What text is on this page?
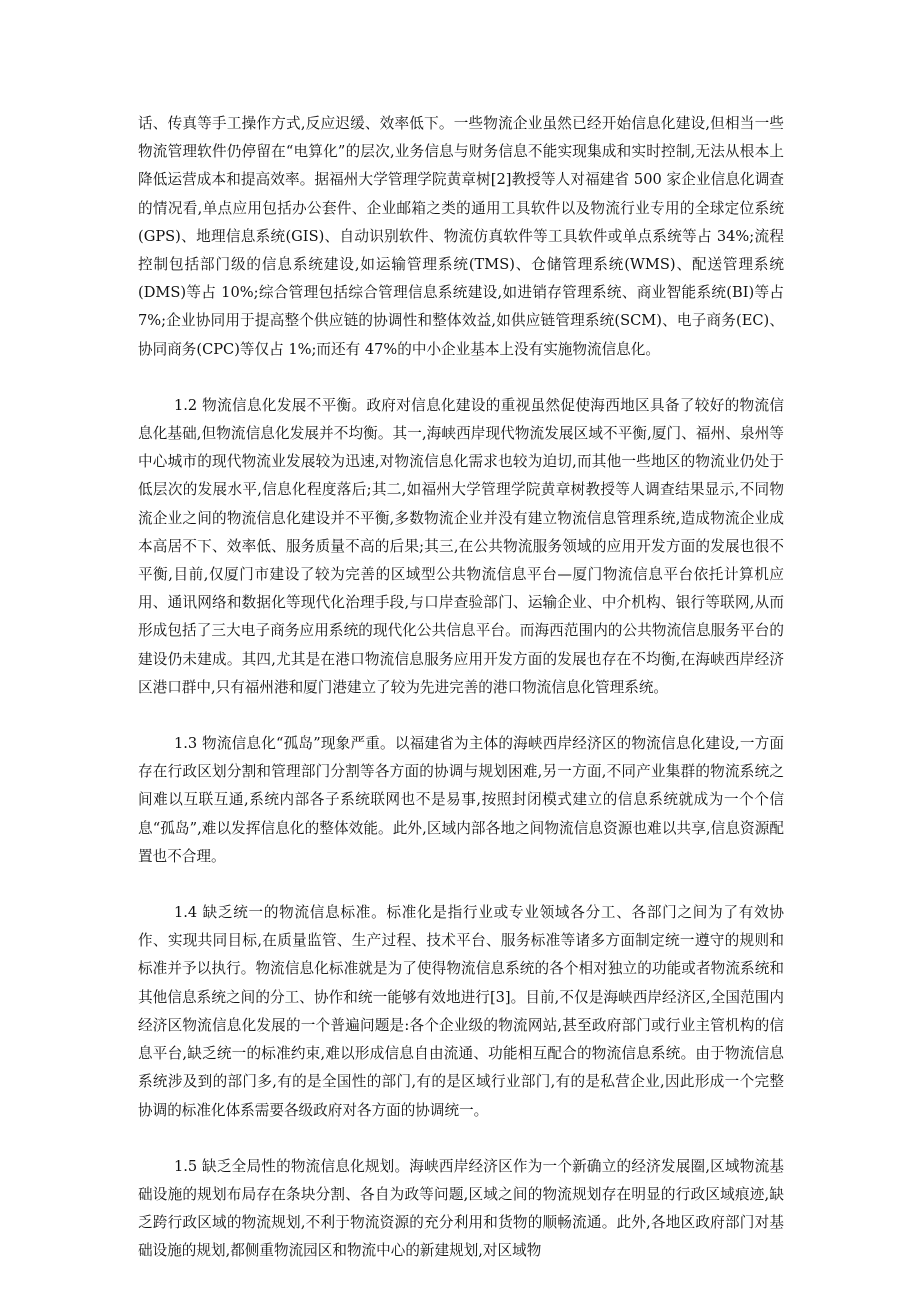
话、传真等手工操作方式,反应迟缓、效率低下。一些物流企业虽然已经开始信息化建设,但相当一些物流管理软件仍停留在“电算化”的层次,业务信息与财务信息不能实现集成和实时控制,无法从根本上降低运营成本和提高效率。据福州大学管理学院黄章树[2]教授等人对福建省 500 家企业信息化调查的情况看,单点应用包括办公套件、企业邮箱之类的通用工具软件以及物流行业专用的全球定位系统(GPS)、地理信息系统(GIS)、自动识别软件、物流仿真软件等工具软件或单点系统等占 34%;流程控制包括部门级的信息系统建设,如运输管理系统(TMS)、仓储管理系统(WMS)、配送管理系统(DMS)等占 10%;综合管理包括综合管理信息系统建设,如进销存管理系统、商业智能系统(BI)等占 7%;企业协同用于提高整个供应链的协调性和整体效益,如供应链管理系统(SCM)、电子商务(EC)、协同商务(CPC)等仅占 1%;而还有 47%的中小企业基本上没有实施物流信息化。

1.2 物流信息化发展不平衡。政府对信息化建设的重视虽然促使海西地区具备了较好的物流信息化基础,但物流信息化发展并不均衡。其一,海峡西岸现代物流发展区域不平衡,厦门、福州、泉州等中心城市的现代物流业发展较为迅速,对物流信息化需求也较为迫切,而其他一些地区的物流业仍处于低层次的发展水平,信息化程度落后;其二,如福州大学管理学院黄章树教授等人调查结果显示,不同物流企业之间的物流信息化建设并不平衡,多数物流企业并没有建立物流信息管理系统,造成物流企业成本高居不下、效率低、服务质量不高的后果;其三,在公共物流服务领域的应用开发方面的发展也很不平衡,目前,仅厦门市建设了较为完善的区域型公共物流信息平台—厦门物流信息平台依托计算机应用、通讯网络和数据化等现代化治理手段,与口岸查验部门、运输企业、中介机构、银行等联网,从而形成包括了三大电子商务应用系统的现代化公共信息平台。而海西范围内的公共物流信息服务平台的建设仍未建成。其四,尤其是在港口物流信息服务应用开发方面的发展也存在不均衡,在海峡西岸经济区港口群中,只有福州港和厦门港建立了较为先进完善的港口物流信息化管理系统。

1.3 物流信息化“孤岛”现象严重。以福建省为主体的海峡西岸经济区的物流信息化建设,一方面存在行政区划分割和管理部门分割等各方面的协调与规划困难,另一方面,不同产业集群的物流系统之间难以互联互通,系统内部各子系统联网也不是易事,按照封闭模式建立的信息系统就成为一个个信息“孤岛”,难以发挥信息化的整体效能。此外,区域内部各地之间物流信息资源也难以共享,信息资源配置也不合理。

1.4 缺乏统一的物流信息标准。标准化是指行业或专业领域各分工、各部门之间为了有效协作、实现共同目标,在质量监管、生产过程、技术平台、服务标准等诸多方面制定统一遵守的规则和标准并予以执行。物流信息化标准就是为了使得物流信息系统的各个相对独立的功能或者物流系统和其他信息系统之间的分工、协作和统一能够有效地进行[3]。目前,不仅是海峡西岸经济区,全国范围内经济区物流信息化发展的一个普遍问题是:各个企业级的物流网站,甚至政府部门或行业主管机构的信息平台,缺乏统一的标准约束,难以形成信息自由流通、功能相互配合的物流信息系统。由于物流信息系统涉及到的部门多,有的是全国性的部门,有的是区域行业部门,有的是私营企业,因此形成一个完整协调的标准化体系需要各级政府对各方面的协调统一。

1.5 缺乏全局性的物流信息化规划。海峡西岸经济区作为一个新确立的经济发展圈,区域物流基础设施的规划布局存在条块分割、各自为政等问题,区域之间的物流规划存在明显的行政区域痕迹,缺乏跨行政区域的物流规划,不利于物流资源的充分利用和货物的顺畅流通。此外,各地区政府部门对基础设施的规划,都侧重物流园区和物流中心的新建规划,对区域物
